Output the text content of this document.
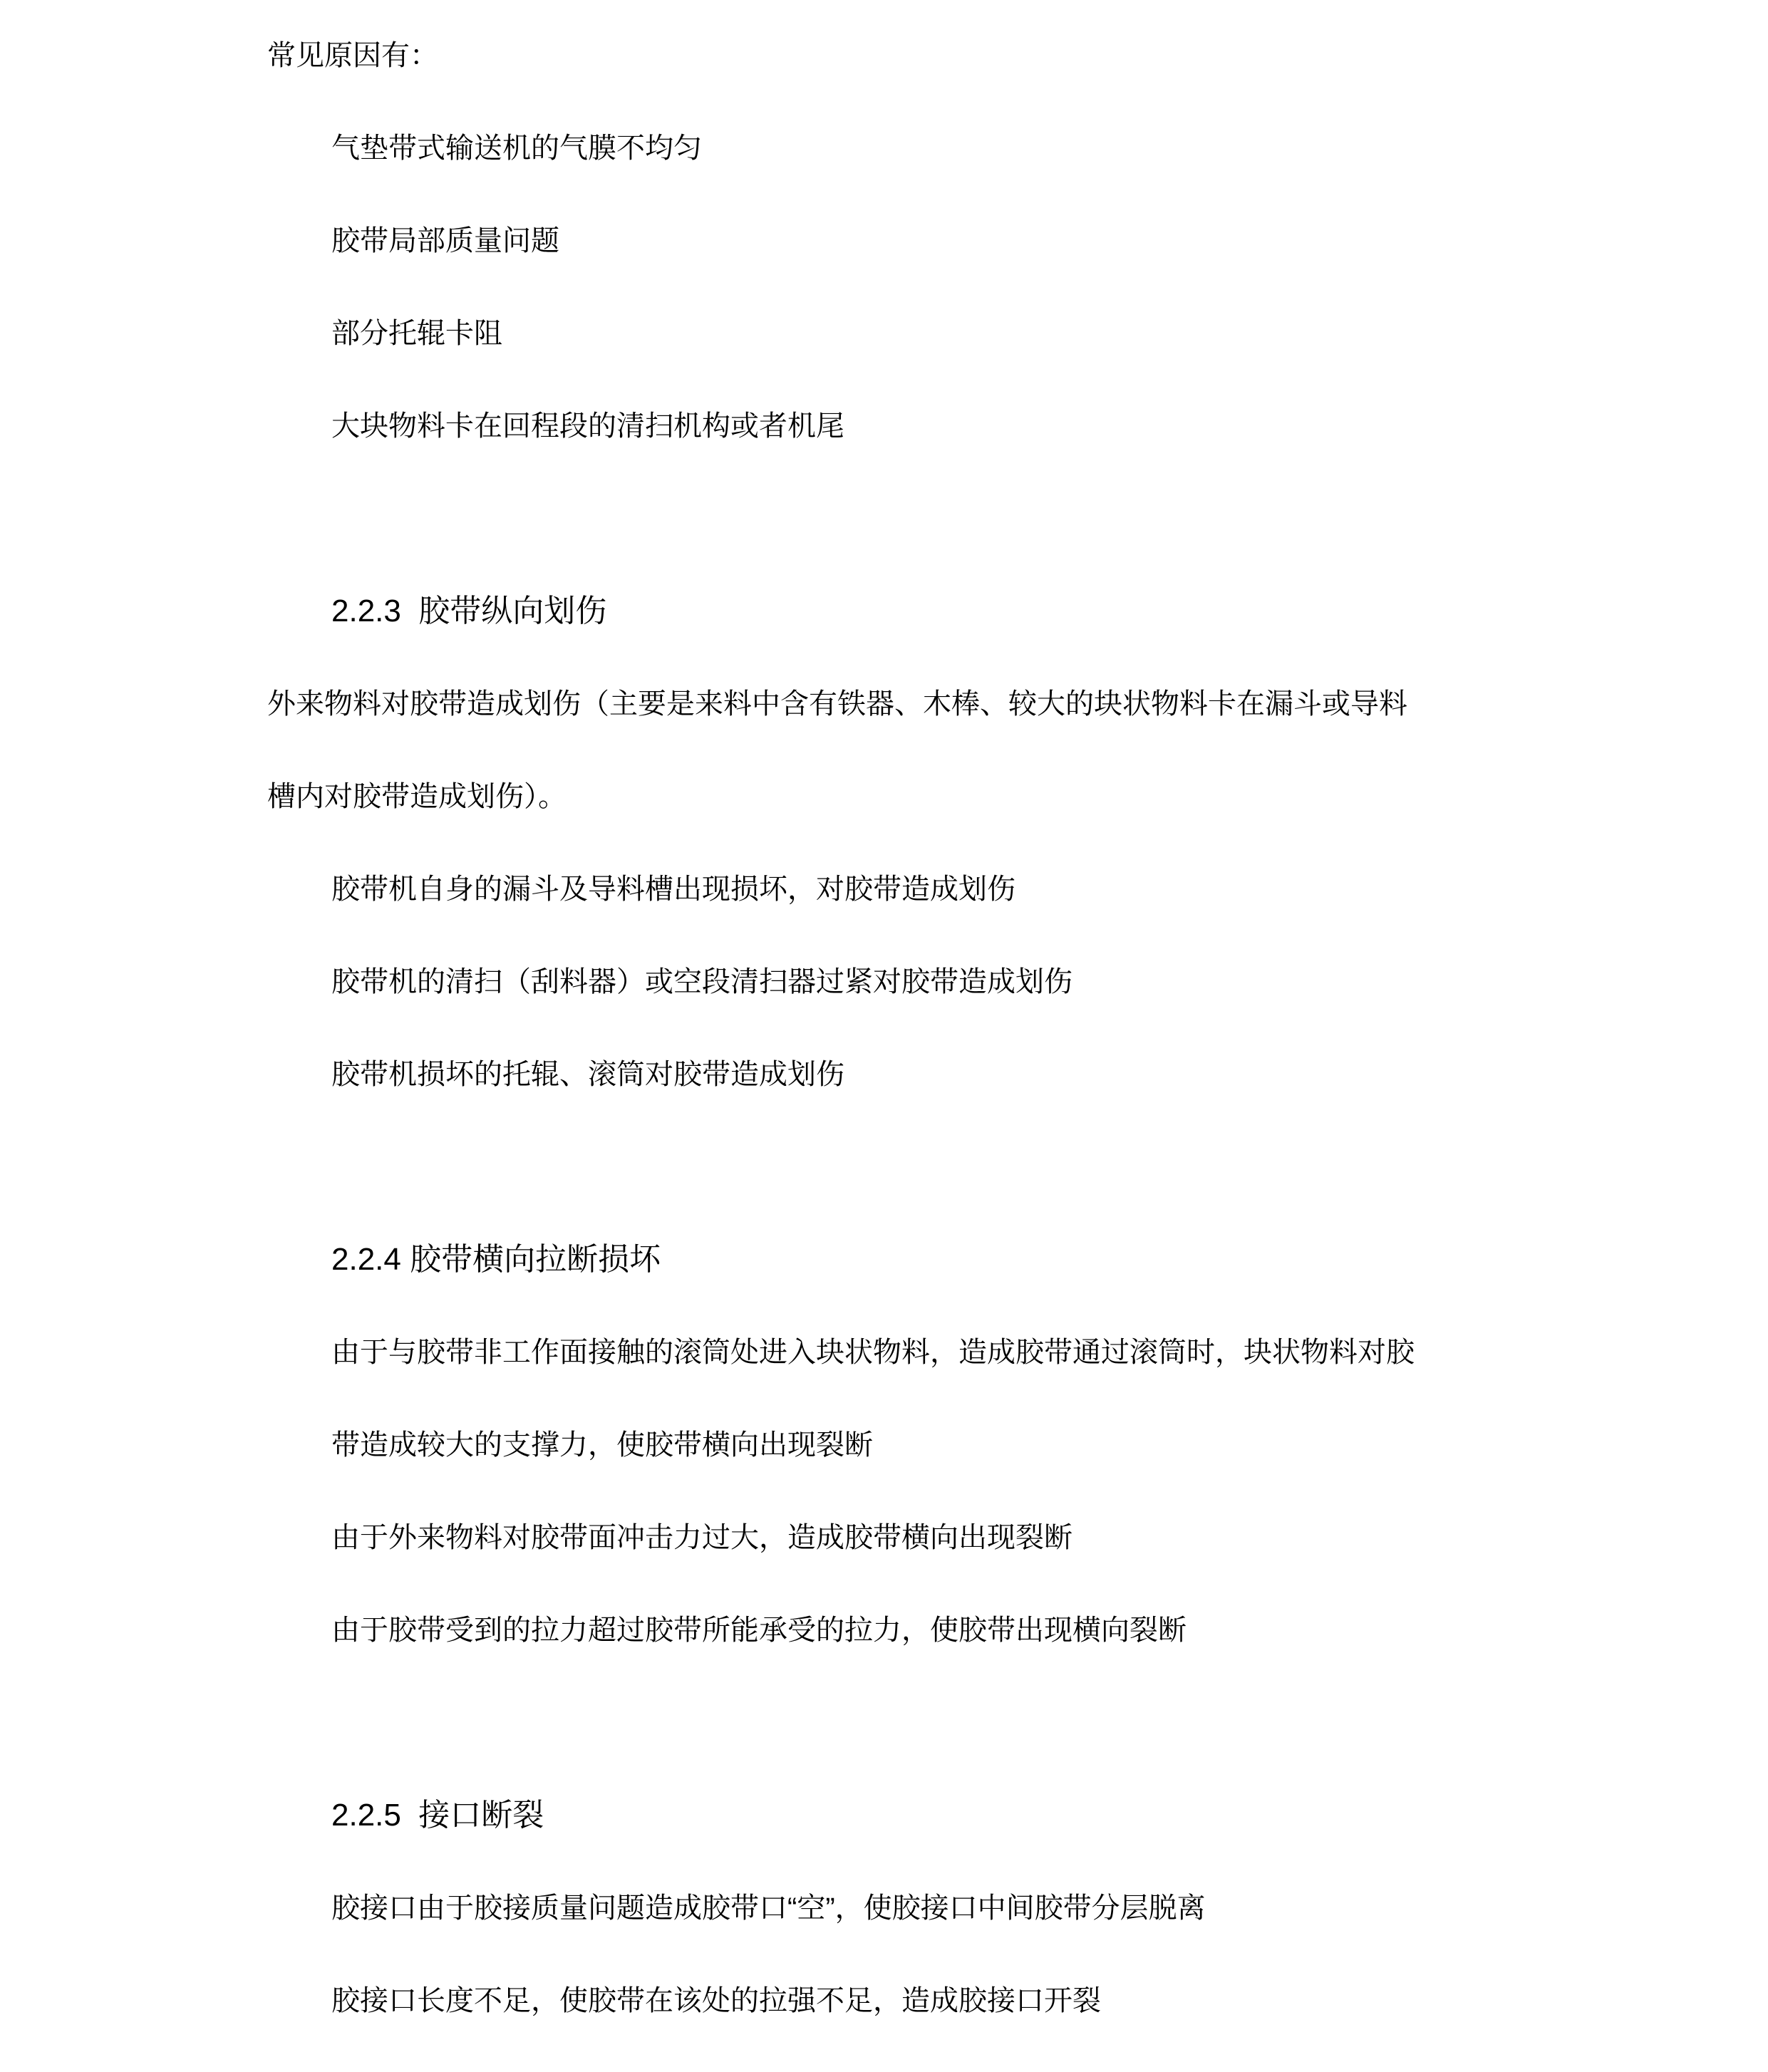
常见原因有：
气垫带式输送机的气膜不均匀
胶带局部质量问题
部分托辊卡阻
大块物料卡在回程段的清扫机构或者机尾
2.2.3  胶带纵向划伤
外来物料对胶带造成划伤（主要是来料中含有铁器、木棒、较大的块状物料卡在漏斗或导料
槽内对胶带造成划伤）。
胶带机自身的漏斗及导料槽出现损坏，对胶带造成划伤
胶带机的清扫（刮料器）或空段清扫器过紧对胶带造成划伤
胶带机损坏的托辊、滚筒对胶带造成划伤
2.2.4 胶带横向拉断损坏
由于与胶带非工作面接触的滚筒处进入块状物料，造成胶带通过滚筒时，块状物料对胶
带造成较大的支撑力，使胶带横向出现裂断
由于外来物料对胶带面冲击力过大，造成胶带横向出现裂断
由于胶带受到的拉力超过胶带所能承受的拉力，使胶带出现横向裂断
2.2.5  接口断裂
胶接口由于胶接质量问题造成胶带口“空”，使胶接口中间胶带分层脱离
胶接口长度不足，使胶带在该处的拉强不足，造成胶接口开裂
